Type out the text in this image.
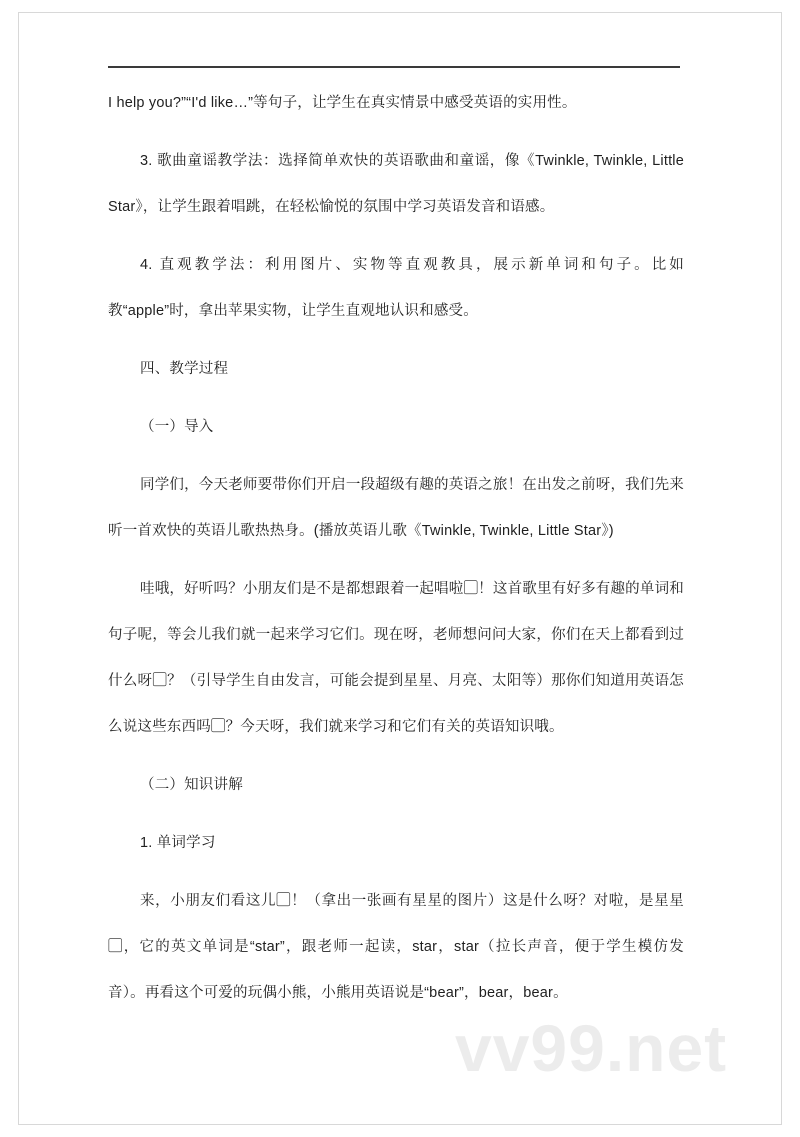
I help you?”“I'd like…”等句子，让学生在真实情景中感受英语的实用性。

3. 歌曲童谣教学法：选择简单欢快的英语歌曲和童谣，像《Twinkle, Twinkle, Little Star》，让学生跟着唱跳，在轻松愉悦的氛围中学习英语发音和语感。

4. 直观教学法：利用图片、实物等直观教具，展示新单词和句子。比如教“apple”时，拿出苹果实物，让学生直观地认识和感受。

四、教学过程

（一）导入

同学们，今天老师要带你们开启一段超级有趣的英语之旅！在出发之前呀，我们先来听一首欢快的英语儿歌热热身。(播放英语儿歌《Twinkle, Twinkle, Little Star》)

哇哦，好听吗？小朋友们是不是都想跟着一起唱啦▢！这首歌里有好多有趣的单词和句子呢，等会儿我们就一起来学习它们。现在呀，老师想问问大家，你们在天上都看到过什么呀▢？（引导学生自由发言，可能会提到星星、月亮、太阳等）那你们知道用英语怎么说这些东西吗▢？今天呀，我们就来学习和它们有关的英语知识哦。

（二）知识讲解

1. 单词学习

来，小朋友们看这儿▢！（拿出一张画有星星的图片）这是什么呀？对啦，是星星▢，它的英文单词是“star”，跟老师一起读，star，star（拉长声音，便于学生模仿发音）。再看这个可爱的玩偶小熊，小熊用英语说是“bear”，bear，bear。

vv99.net
